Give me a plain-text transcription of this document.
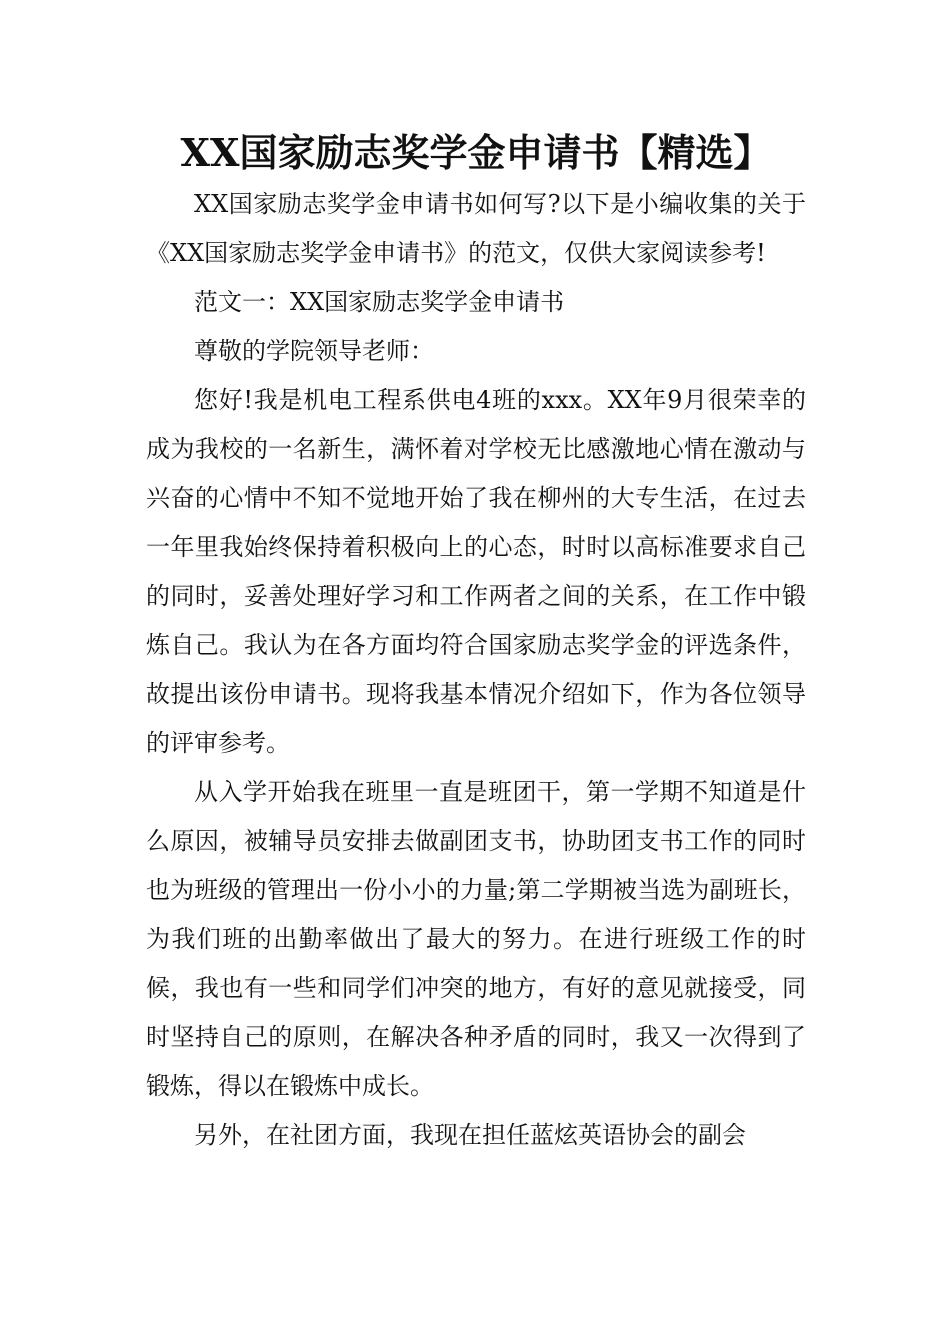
XX国家励志奖学金申请书【精选】

XX国家励志奖学金申请书如何写?以下是小编收集的关于《XX国家励志奖学金申请书》的范文，仅供大家阅读参考!

范文一：XX国家励志奖学金申请书

尊敬的学院领导老师：

您好!我是机电工程系供电4班的xxx。XX年9月很荣幸的成为我校的一名新生，满怀着对学校无比感激地心情在激动与兴奋的心情中不知不觉地开始了我在柳州的大专生活，在过去一年里我始终保持着积极向上的心态，时时以高标准要求自己的同时，妥善处理好学习和工作两者之间的关系，在工作中锻炼自己。我认为在各方面均符合国家励志奖学金的评选条件，故提出该份申请书。现将我基本情况介绍如下，作为各位领导的评审参考。

从入学开始我在班里一直是班团干，第一学期不知道是什么原因，被辅导员安排去做副团支书，协助团支书工作的同时也为班级的管理出一份小小的力量;第二学期被当选为副班长，为我们班的出勤率做出了最大的努力。在进行班级工作的时候，我也有一些和同学们冲突的地方，有好的意见就接受，同时坚持自己的原则，在解决各种矛盾的同时，我又一次得到了锻炼，得以在锻炼中成长。

另外，在社团方面，我现在担任蓝炫英语协会的副会
